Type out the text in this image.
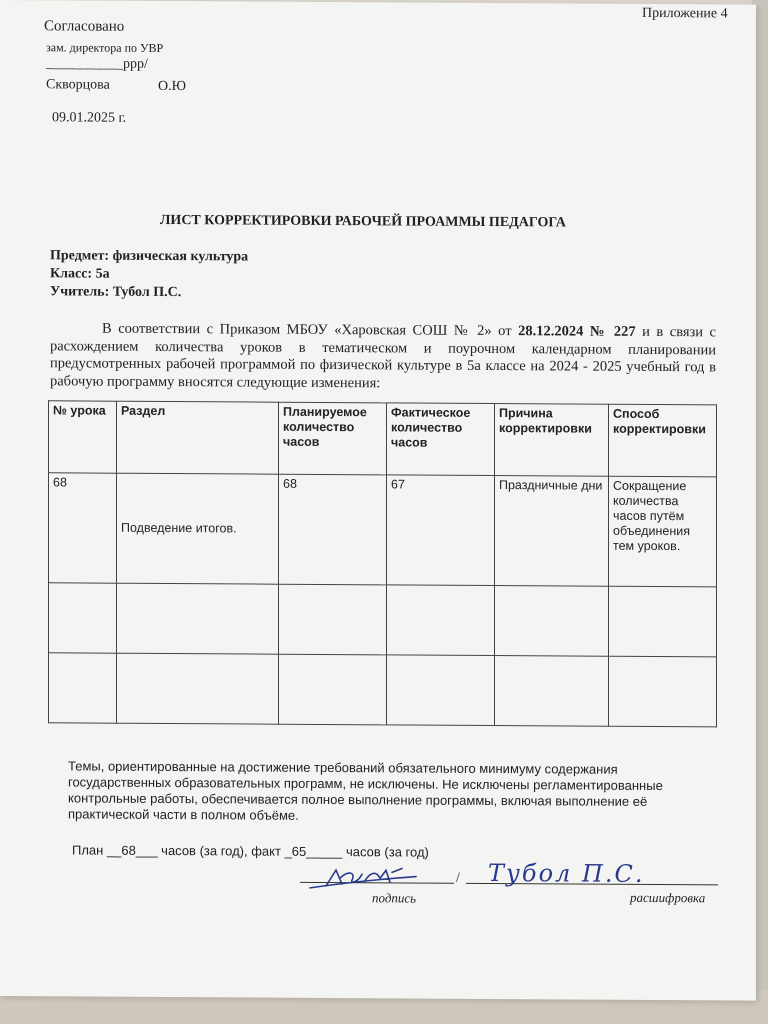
Приложение 4
Согласовано
зам. директора по УВР
___________ррр/
Скворцова	О.Ю
09.01.2025 г.
ЛИСТ КОРРЕКТИРОВКИ РАБОЧЕЙ ПРОАММЫ ПЕДАГОГА
Предмет: физическая культура
Класс: 5а
Учитель: Тубол П.С.
В соответствии с Приказом МБОУ «Харовская СОШ № 2» от 28.12.2024 № 227 и в связи с расхождением количества уроков в тематическом и поурочном календарном планировании предусмотренных рабочей программой по физической культуре в 5а классе на 2024 - 2025 учебный год в рабочую программу вносятся следующие изменения:
№ урока	Раздел	Планируемое количество часов	Фактическое количество часов	Причина корректировки	Способ корректировки
68	Подведение итогов.	68	67	Праздничные дни	Сокращение количества часов путём объединения тем уроков.

Темы, ориентированные на достижение требований обязательного минимуму содержания государственных образовательных программ, не исключены. Не исключены регламентированные контрольные работы, обеспечивается полное выполнение программы, включая выполнение её практической части в полном объёме.
План __68___ часов (за год), факт _65_____ часов (за год)
/ Тубол П.С.
подпись	расшифровка
